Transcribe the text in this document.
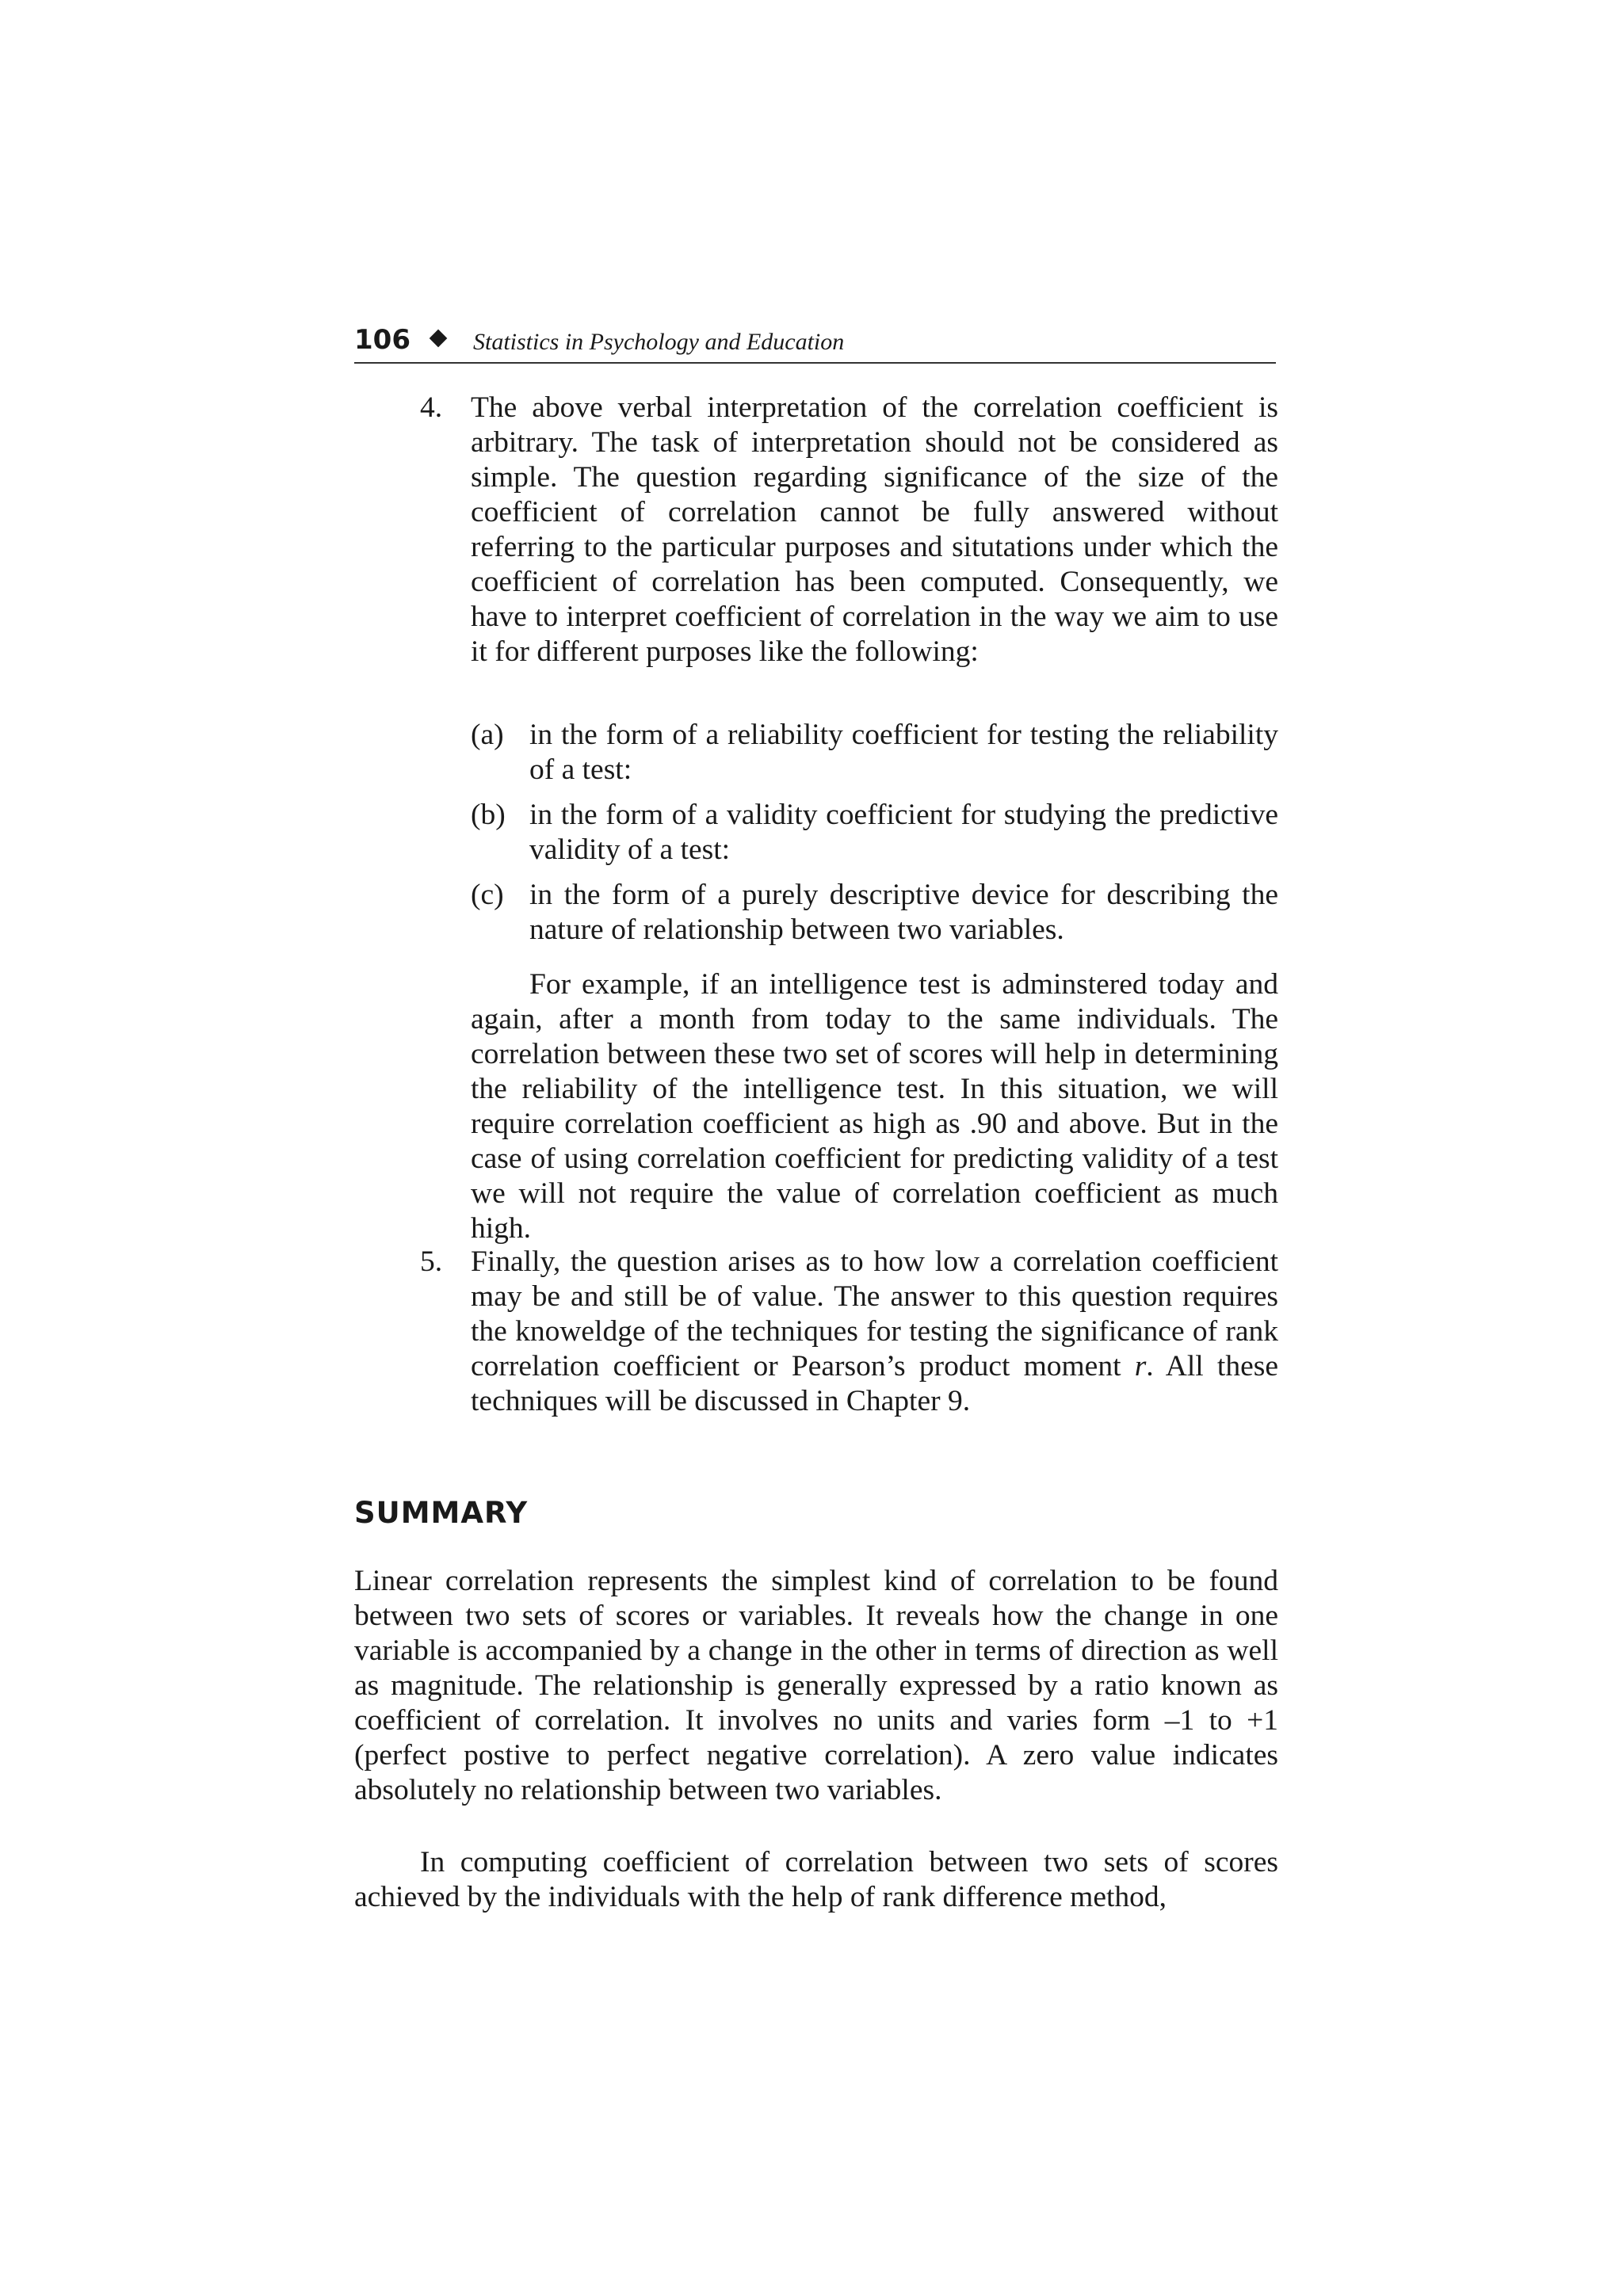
106	Statistics in Psychology and Education
4. The above verbal interpretation of the correlation coefficient is arbitrary. The task of interpretation should not be considered as simple. The question regarding significance of the size of the coefficient of correlation cannot be fully answered without referring to the particular purposes and situtations under which the coefficient of correlation has been computed. Consequently, we have to interpret coefficient of correlation in the way we aim to use it for different purposes like the following:
(a) in the form of a reliability coefficient for testing the reliability of a test:
(b) in the form of a validity coefficient for studying the predictive validity of a test:
(c) in the form of a purely descriptive device for describing the nature of relationship between two variables.
For example, if an intelligence test is adminstered today and again, after a month from today to the same individuals. The correlation between these two set of scores will help in determining the reliability of the intelligence test. In this situation, we will require correlation coefficient as high as .90 and above. But in the case of using correlation coefficient for predicting validity of a test we will not require the value of correlation coefficient as much high.
5. Finally, the question arises as to how low a correlation coefficient may be and still be of value. The answer to this question requires the knoweldge of the techniques for testing the significance of rank correlation coefficient or Pearson’s product moment r. All these techniques will be discussed in Chapter 9.
SUMMARY
Linear correlation represents the simplest kind of correlation to be found between two sets of scores or variables. It reveals how the change in one variable is accompanied by a change in the other in terms of direction as well as magnitude. The relationship is generally expressed by a ratio known as coefficient of correlation. It involves no units and varies form –1 to +1 (perfect postive to perfect negative correlation). A zero value indicates absolutely no relationship between two variables.
In computing coefficient of correlation between two sets of scores achieved by the individuals with the help of rank difference method,
